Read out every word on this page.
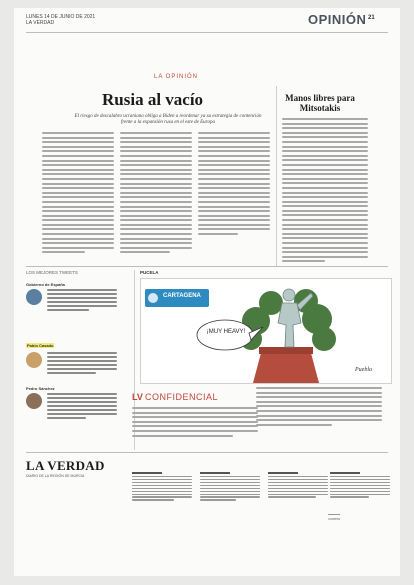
LUNES 14 DE JUNIO DE 2021
LA VERDAD	OPINIÓN 21
LA OPINIÓN
Rusia al vacío
El riesgo de descalabro ucraniano obliga a Biden a reordenar ya su estrategia de contención frente a la expansión rusa en el este de Europa
Manos libres para Mitsotakis
LOS MEJORES TWEETS
Gobierno de España
Pablo Casado
Pedro Sánchez
PUCELA
CARTAGENA
¡MUY HEAVY!
Puebla
LV CONFIDENCIAL
LA VERDAD
DIARIO DE LA REGIÓN DE MURCIA
vocento
